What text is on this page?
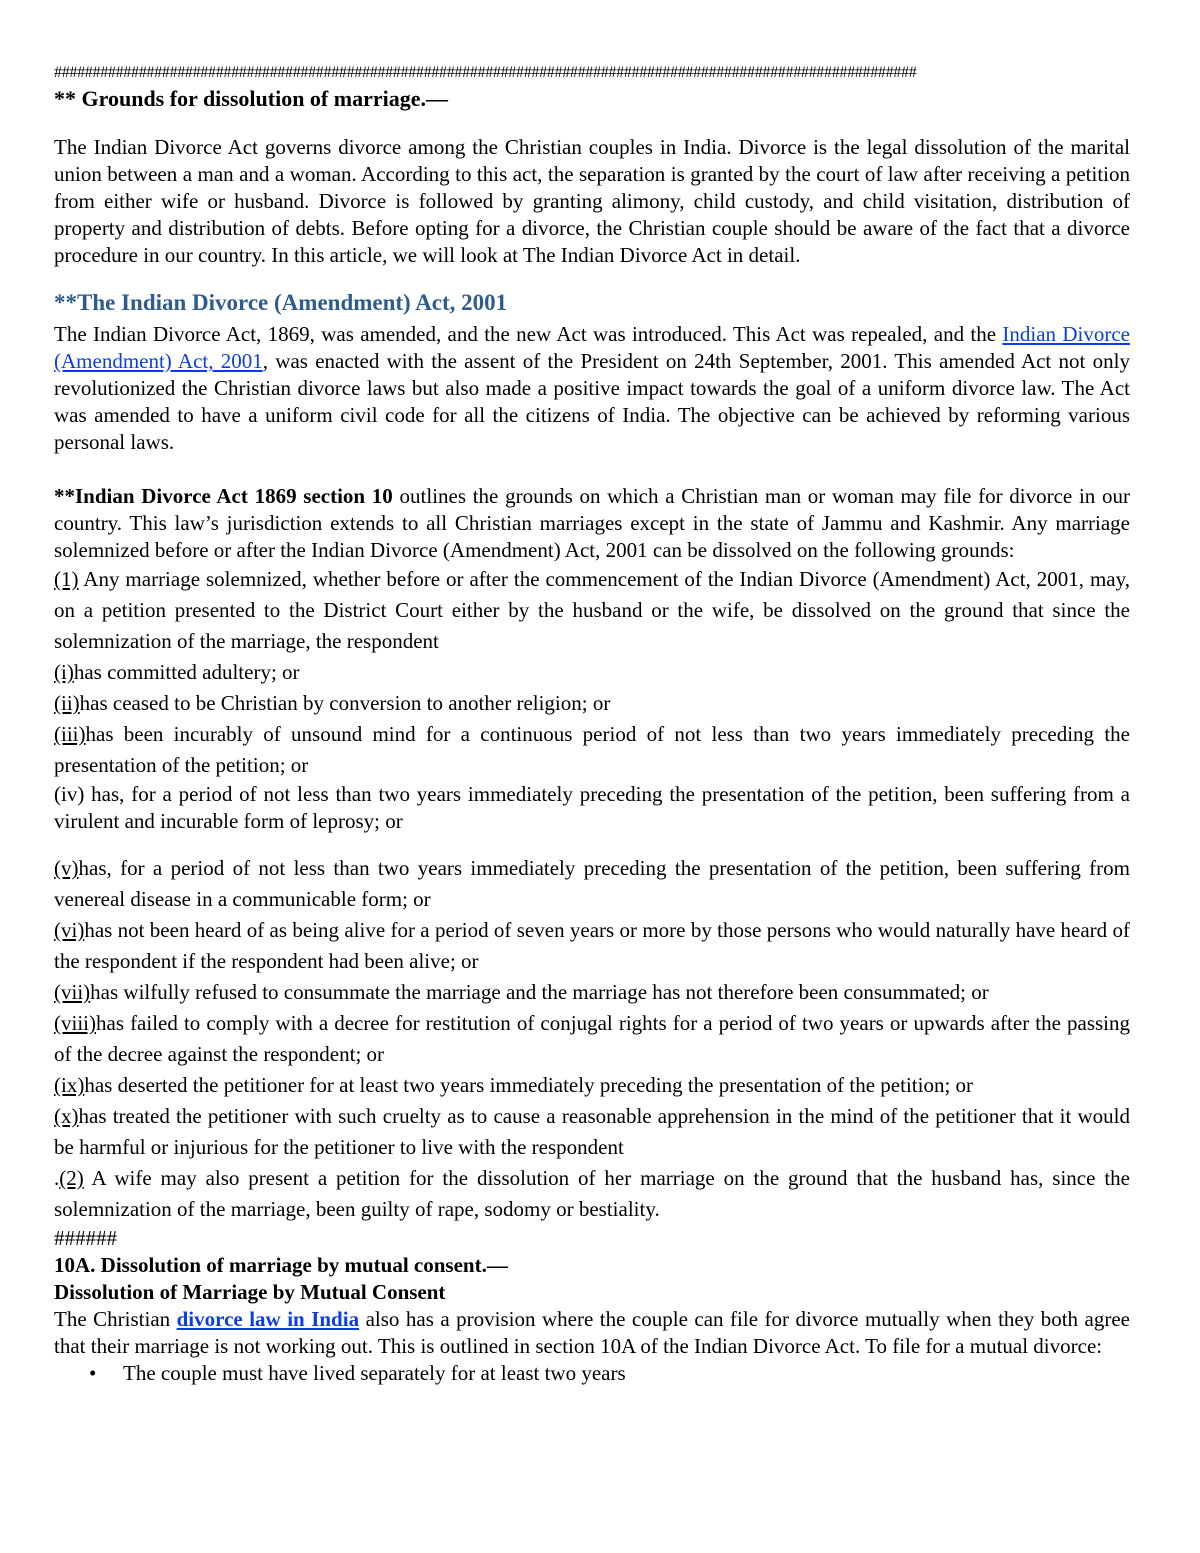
################################################################################################################
** Grounds for dissolution of marriage.—

The Indian Divorce Act governs divorce among the Christian couples in India. Divorce is the legal dissolution of the marital union between a man and a woman. According to this act, the separation is granted by the court of law after receiving a petition from either wife or husband. Divorce is followed by granting alimony, child custody, and child visitation, distribution of property and distribution of debts. Before opting for a divorce, the Christian couple should be aware of the fact that a divorce procedure in our country. In this article, we will look at The Indian Divorce Act in detail.

**The Indian Divorce (Amendment) Act, 2001

The Indian Divorce Act, 1869, was amended, and the new Act was introduced. This Act was repealed, and the Indian Divorce (Amendment) Act, 2001, was enacted with the assent of the President on 24th September, 2001. This amended Act not only revolutionized the Christian divorce laws but also made a positive impact towards the goal of a uniform divorce law. The Act was amended to have a uniform civil code for all the citizens of India. The objective can be achieved by reforming various personal laws.

**Indian Divorce Act 1869 section 10 outlines the grounds on which a Christian man or woman may file for divorce in our country. This law’s jurisdiction extends to all Christian marriages except in the state of Jammu and Kashmir. Any marriage solemnized before or after the Indian Divorce (Amendment) Act, 2001 can be dissolved on the following grounds:

(1) Any marriage solemnized, whether before or after the commencement of the Indian Divorce (Amendment) Act, 2001, may, on a petition presented to the District Court either by the husband or the wife, be dissolved on the ground that since the solemnization of the marriage, the respondent

(i)has committed adultery; or

(ii)has ceased to be Christian by conversion to another religion; or

(iii)has been incurably of unsound mind for a continuous period of not less than two years immediately preceding the presentation of the petition; or

(iv) has, for a period of not less than two years immediately preceding the presentation of the petition, been suffering from a virulent and incurable form of leprosy; or

(v)has, for a period of not less than two years immediately preceding the presentation of the petition, been suffering from venereal disease in a communicable form; or

(vi)has not been heard of as being alive for a period of seven years or more by those persons who would naturally have heard of the respondent if the respondent had been alive; or

(vii)has wilfully refused to consummate the marriage and the marriage has not therefore been consummated; or

(viii)has failed to comply with a decree for restitution of conjugal rights for a period of two years or upwards after the passing of the decree against the respondent; or

(ix)has deserted the petitioner for at least two years immediately preceding the presentation of the petition; or

(x)has treated the petitioner with such cruelty as to cause a reasonable apprehension in the mind of the petitioner that it would be harmful or injurious for the petitioner to live with the respondent

.(2) A wife may also present a petition for the dissolution of her marriage on the ground that the husband has, since the solemnization of the marriage, been guilty of rape, sodomy or bestiality.

######
10A. Dissolution of marriage by mutual consent.—
Dissolution of Marriage by Mutual Consent

The Christian divorce law in India also has a provision where the couple can file for divorce mutually when they both agree that their marriage is not working out. This is outlined in section 10A of the Indian Divorce Act. To file for a mutual divorce:

• The couple must have lived separately for at least two years
